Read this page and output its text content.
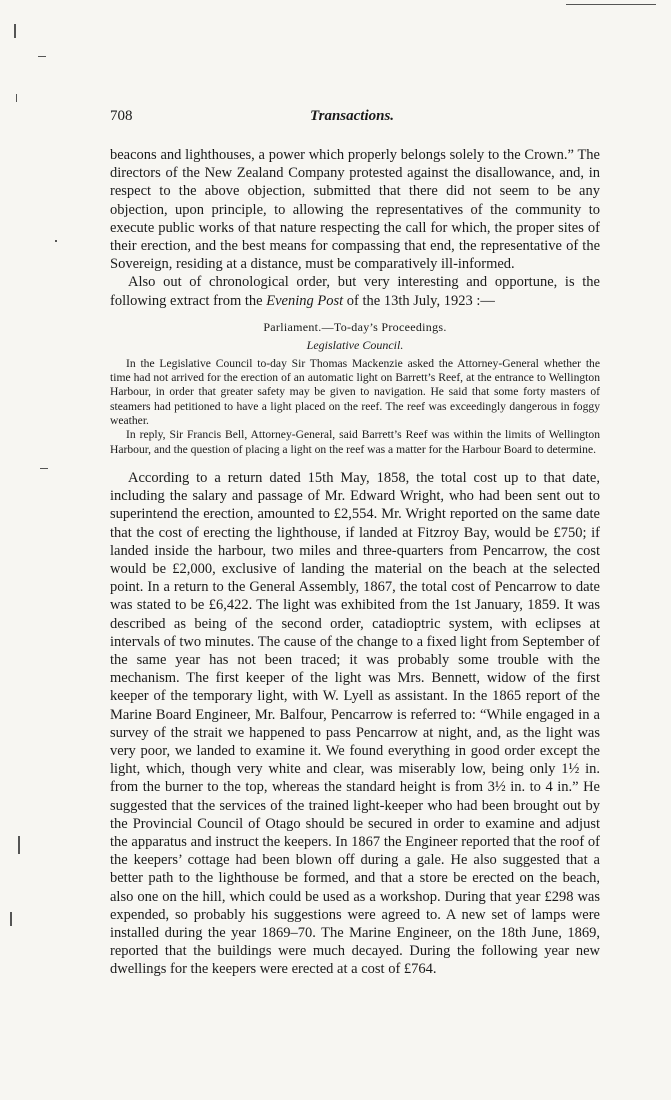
708	Transactions.

beacons and lighthouses, a power which properly belongs solely to the Crown.” The directors of the New Zealand Company protested against the disallowance, and, in respect to the above objection, submitted that there did not seem to be any objection, upon principle, to allowing the representatives of the community to execute public works of that nature respecting the call for which, the proper sites of their erection, and the best means for compassing that end, the representative of the Sovereign, residing at a distance, must be comparatively ill-informed.

Also out of chronological order, but very interesting and opportune, is the following extract from the Evening Post of the 13th July, 1923 :—

Parliament.—To-day’s Proceedings.

Legislative Council.

In the Legislative Council to-day Sir Thomas Mackenzie asked the Attorney-General whether the time had not arrived for the erection of an automatic light on Barrett’s Reef, at the entrance to Wellington Harbour, in order that greater safety may be given to navigation. He said that some forty masters of steamers had petitioned to have a light placed on the reef. The reef was exceedingly dangerous in foggy weather.

In reply, Sir Francis Bell, Attorney-General, said Barrett’s Reef was within the limits of Wellington Harbour, and the question of placing a light on the reef was a matter for the Harbour Board to determine.

According to a return dated 15th May, 1858, the total cost up to that date, including the salary and passage of Mr. Edward Wright, who had been sent out to superintend the erection, amounted to £2,554. Mr. Wright reported on the same date that the cost of erecting the lighthouse, if landed at Fitzroy Bay, would be £750; if landed inside the harbour, two miles and three-quarters from Pencarrow, the cost would be £2,000, exclusive of landing the material on the beach at the selected point. In a return to the General Assembly, 1867, the total cost of Pencarrow to date was stated to be £6,422. The light was exhibited from the 1st January, 1859. It was described as being of the second order, catadioptric system, with eclipses at intervals of two minutes. The cause of the change to a fixed light from September of the same year has not been traced; it was probably some trouble with the mechanism. The first keeper of the light was Mrs. Bennett, widow of the first keeper of the temporary light, with W. Lyell as assistant. In the 1865 report of the Marine Board Engineer, Mr. Balfour, Pencarrow is referred to: “While engaged in a survey of the strait we happened to pass Pencarrow at night, and, as the light was very poor, we landed to examine it. We found everything in good order except the light, which, though very white and clear, was miserably low, being only 1½ in. from the burner to the top, whereas the standard height is from 3½ in. to 4 in.” He suggested that the services of the trained light-keeper who had been brought out by the Provincial Council of Otago should be secured in order to examine and adjust the apparatus and instruct the keepers. In 1867 the Engineer reported that the roof of the keepers’ cottage had been blown off during a gale. He also suggested that a better path to the lighthouse be formed, and that a store be erected on the beach, also one on the hill, which could be used as a workshop. During that year £298 was expended, so probably his suggestions were agreed to. A new set of lamps were installed during the year 1869–70. The Marine Engineer, on the 18th June, 1869, reported that the buildings were much decayed. During the following year new dwellings for the keepers were erected at a cost of £764.
